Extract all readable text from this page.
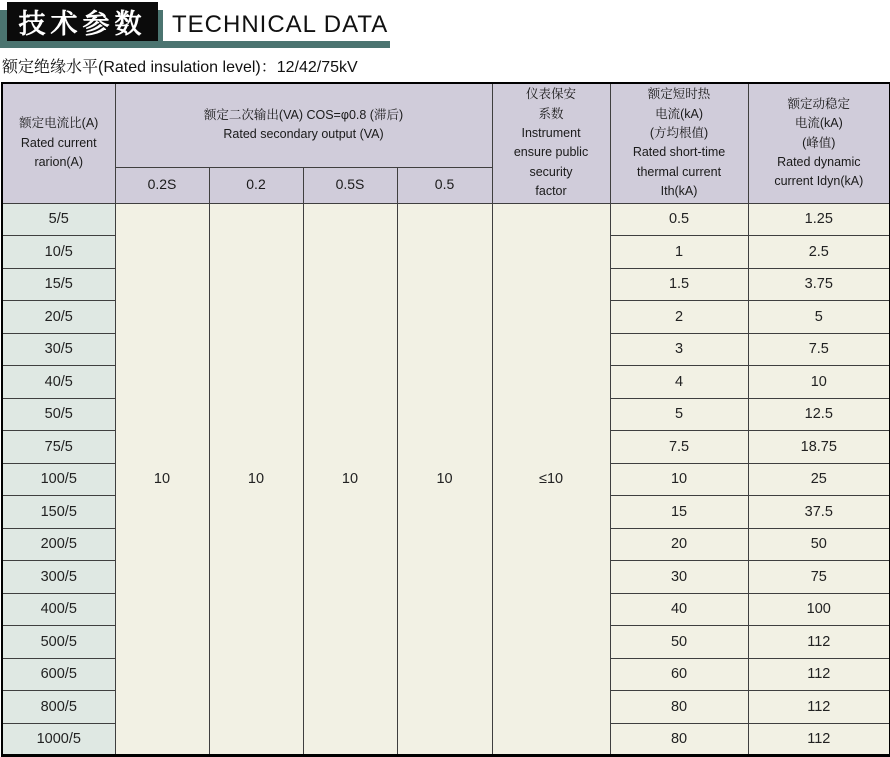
技术参数 TECHNICAL DATA
额定绝缘水平(Rated insulation level)：12/42/75kV
额定电流比(A)
Rated current
rarion(A)

额定二次输出(VA) COS=φ0.8 (滞后)
Rated secondary output (VA)

仪表保安
系数
Instrument
ensure public
security
factor

额定短时热
电流(kA)
(方均根值)
Rated short-time
thermal current
Ith(kA)

额定动稳定
电流(kA)
(峰值)
Rated dynamic
current Idyn(kA)

	0.2S	0.2	0.5S	0.5			
5/5	10	10	10	10	≤10	0.5	1.25
10/5						1	2.5
15/5						1.5	3.75
20/5						2	5
30/5						3	7.5
40/5						4	10
50/5						5	12.5
75/5						7.5	18.75
100/5						10	25
150/5						15	37.5
200/5						20	50
300/5						30	75
400/5						40	100
500/5						50	112
600/5						60	112
800/5						80	112
1000/5						80	112
